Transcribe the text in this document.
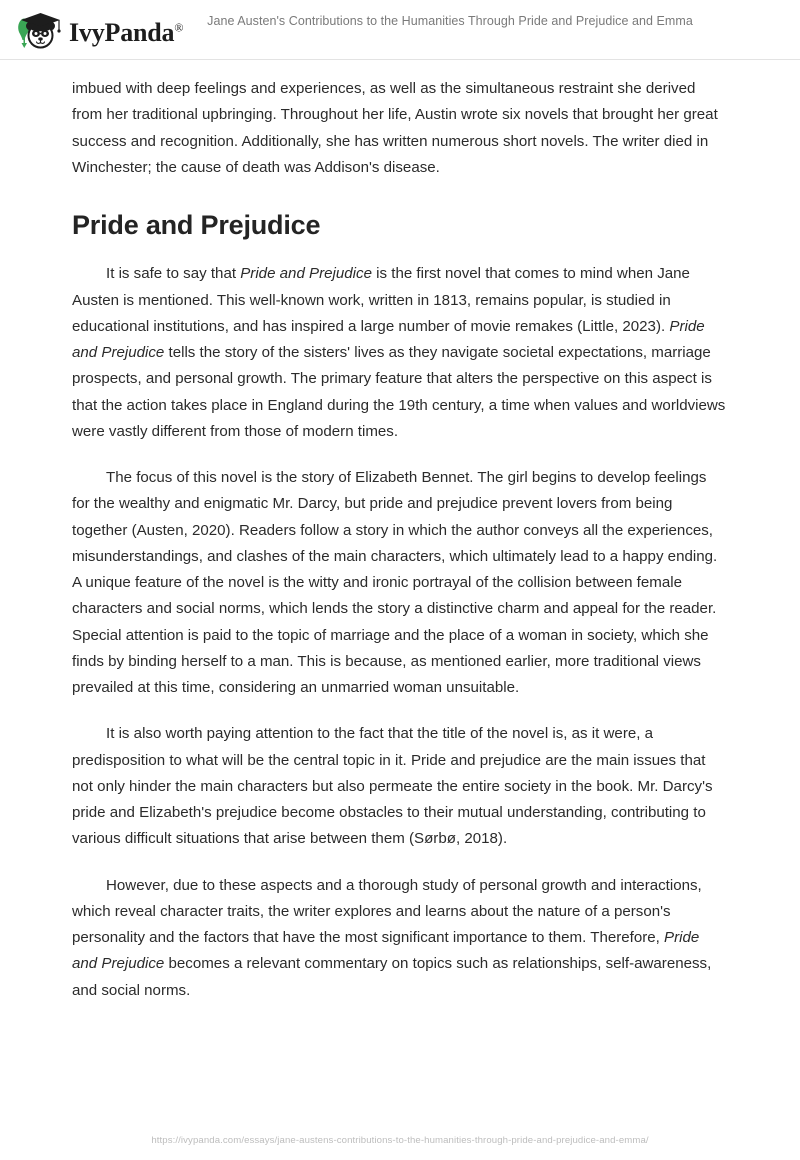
IvyPanda®	Jane Austen's Contributions to the Humanities Through Pride and Prejudice and Emma

imbued with deep feelings and experiences, as well as the simultaneous restraint she derived from her traditional upbringing. Throughout her life, Austin wrote six novels that brought her great success and recognition. Additionally, she has written numerous short novels. The writer died in Winchester; the cause of death was Addison's disease.

Pride and Prejudice

It is safe to say that Pride and Prejudice is the first novel that comes to mind when Jane Austen is mentioned. This well-known work, written in 1813, remains popular, is studied in educational institutions, and has inspired a large number of movie remakes (Little, 2023). Pride and Prejudice tells the story of the sisters' lives as they navigate societal expectations, marriage prospects, and personal growth. The primary feature that alters the perspective on this aspect is that the action takes place in England during the 19th century, a time when values and worldviews were vastly different from those of modern times.

The focus of this novel is the story of Elizabeth Bennet. The girl begins to develop feelings for the wealthy and enigmatic Mr. Darcy, but pride and prejudice prevent lovers from being together (Austen, 2020). Readers follow a story in which the author conveys all the experiences, misunderstandings, and clashes of the main characters, which ultimately lead to a happy ending. A unique feature of the novel is the witty and ironic portrayal of the collision between female characters and social norms, which lends the story a distinctive charm and appeal for the reader. Special attention is paid to the topic of marriage and the place of a woman in society, which she finds by binding herself to a man. This is because, as mentioned earlier, more traditional views prevailed at this time, considering an unmarried woman unsuitable.

It is also worth paying attention to the fact that the title of the novel is, as it were, a predisposition to what will be the central topic in it. Pride and prejudice are the main issues that not only hinder the main characters but also permeate the entire society in the book. Mr. Darcy's pride and Elizabeth's prejudice become obstacles to their mutual understanding, contributing to various difficult situations that arise between them (Sørbø, 2018).

However, due to these aspects and a thorough study of personal growth and interactions, which reveal character traits, the writer explores and learns about the nature of a person's personality and the factors that have the most significant importance to them. Therefore, Pride and Prejudice becomes a relevant commentary on topics such as relationships, self-awareness, and social norms.

https://ivypanda.com/essays/jane-austens-contributions-to-the-humanities-through-pride-and-prejudice-and-emma/
